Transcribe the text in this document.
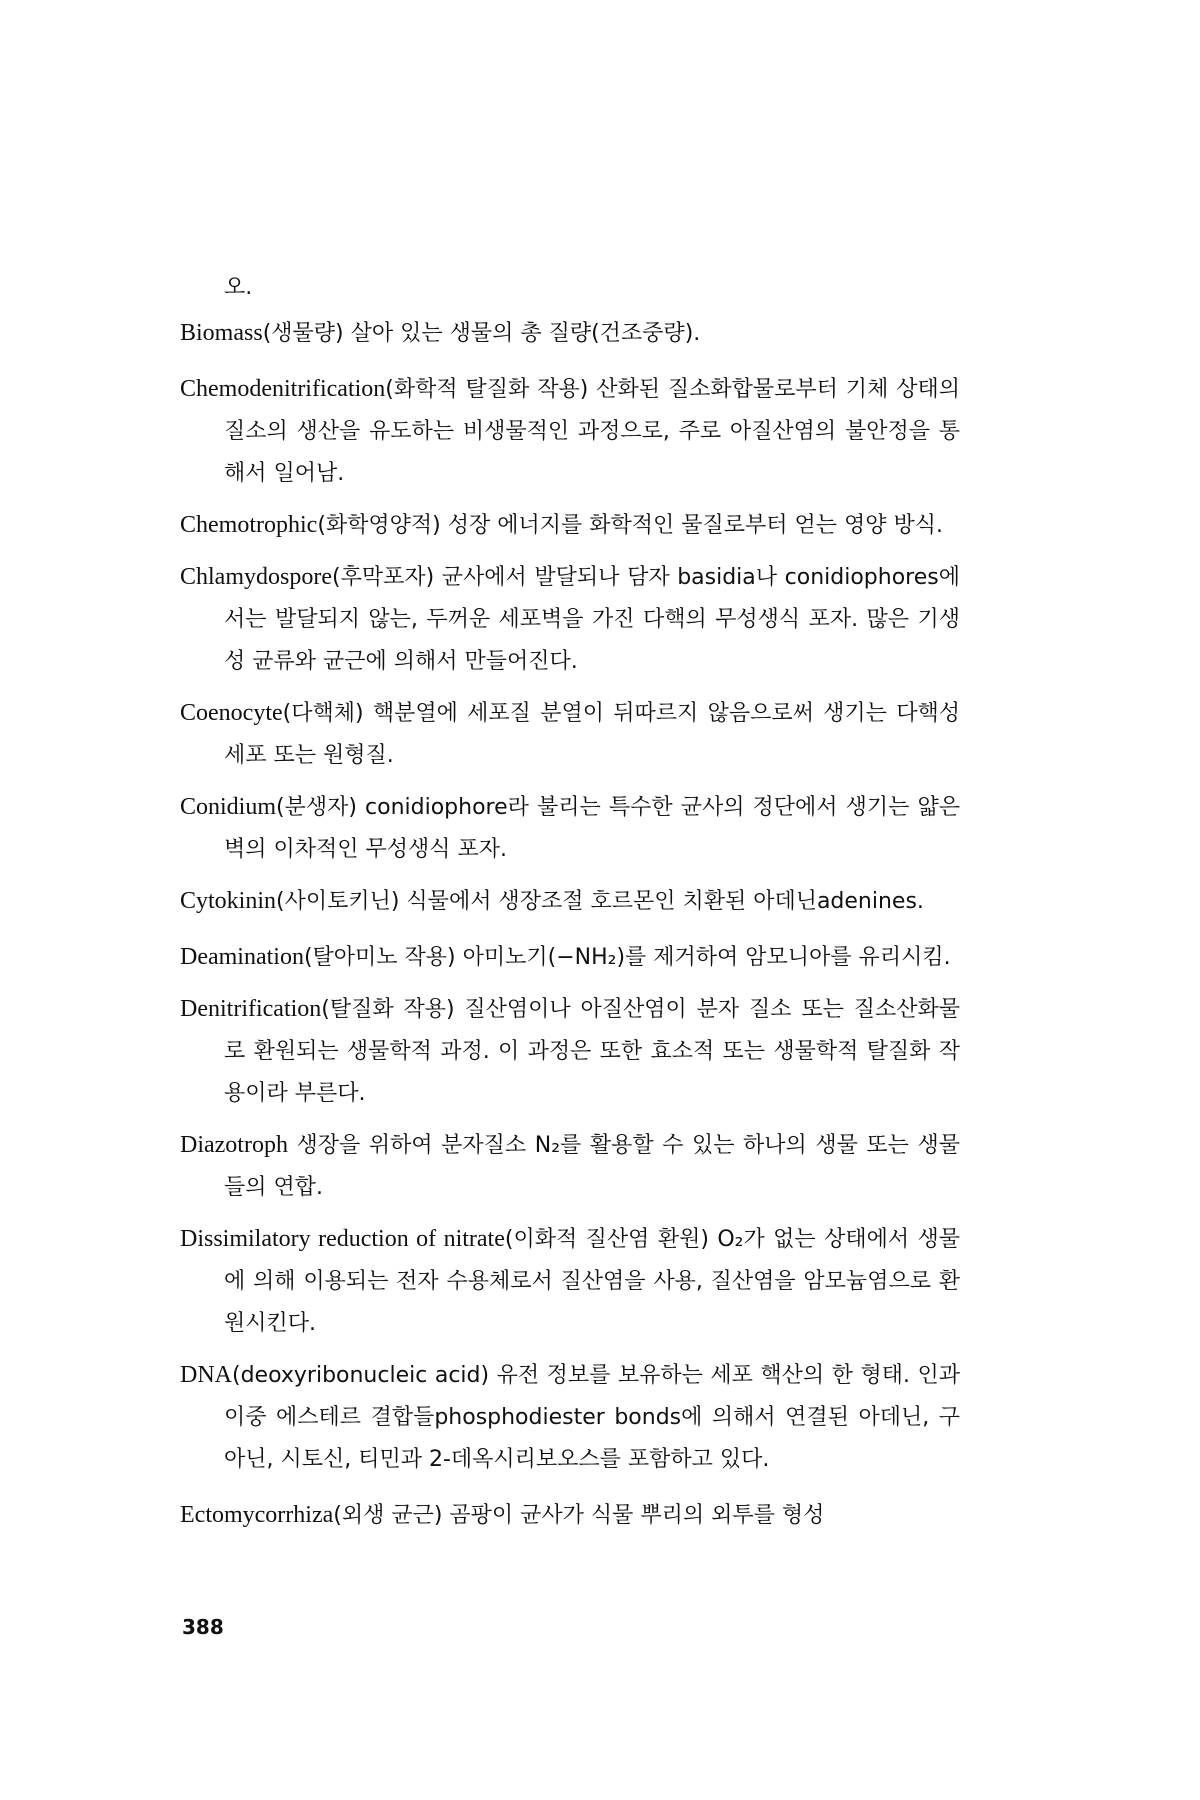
오.

Biomass(생물량) 살아 있는 생물의 총 질량(건조중량).

Chemodenitrification(화학적 탈질화 작용) 산화된 질소화합물로부터 기체 상태의 질소의 생산을 유도하는 비생물적인 과정으로, 주로 아질산염의 불안정을 통해서 일어남.

Chemotrophic(화학영양적) 성장 에너지를 화학적인 물질로부터 얻는 영양 방식.

Chlamydospore(후막포자) 균사에서 발달되나 담자 basidia나 conidiophores에서는 발달되지 않는, 두꺼운 세포벽을 가진 다핵의 무성생식 포자. 많은 기생성 균류와 균근에 의해서 만들어진다.

Coenocyte(다핵체) 핵분열에 세포질 분열이 뒤따르지 않음으로써 생기는 다핵성 세포 또는 원형질.

Conidium(분생자) conidiophore라 불리는 특수한 균사의 정단에서 생기는 얇은 벽의 이차적인 무성생식 포자.

Cytokinin(사이토키닌) 식물에서 생장조절 호르몬인 치환된 아데닌adenines.

Deamination(탈아미노 작용) 아미노기(−NH₂)를 제거하여 암모니아를 유리시킴.

Denitrification(탈질화 작용) 질산염이나 아질산염이 분자 질소 또는 질소산화물로 환원되는 생물학적 과정. 이 과정은 또한 효소적 또는 생물학적 탈질화 작용이라 부른다.

Diazotroph 생장을 위하여 분자질소 N₂를 활용할 수 있는 하나의 생물 또는 생물들의 연합.

Dissimilatory reduction of nitrate(이화적 질산염 환원) O₂가 없는 상태에서 생물에 의해 이용되는 전자 수용체로서 질산염을 사용, 질산염을 암모늄염으로 환원시킨다.

DNA(deoxyribonucleic acid) 유전 정보를 보유하는 세포 핵산의 한 형태. 인과 이중 에스테르 결합들phosphodiester bonds에 의해서 연결된 아데닌, 구아닌, 시토신, 티민과 2-데옥시리보오스를 포함하고 있다.

Ectomycorrhiza(외생 균근) 곰팡이 균사가 식물 뿌리의 외투를 형성

388
